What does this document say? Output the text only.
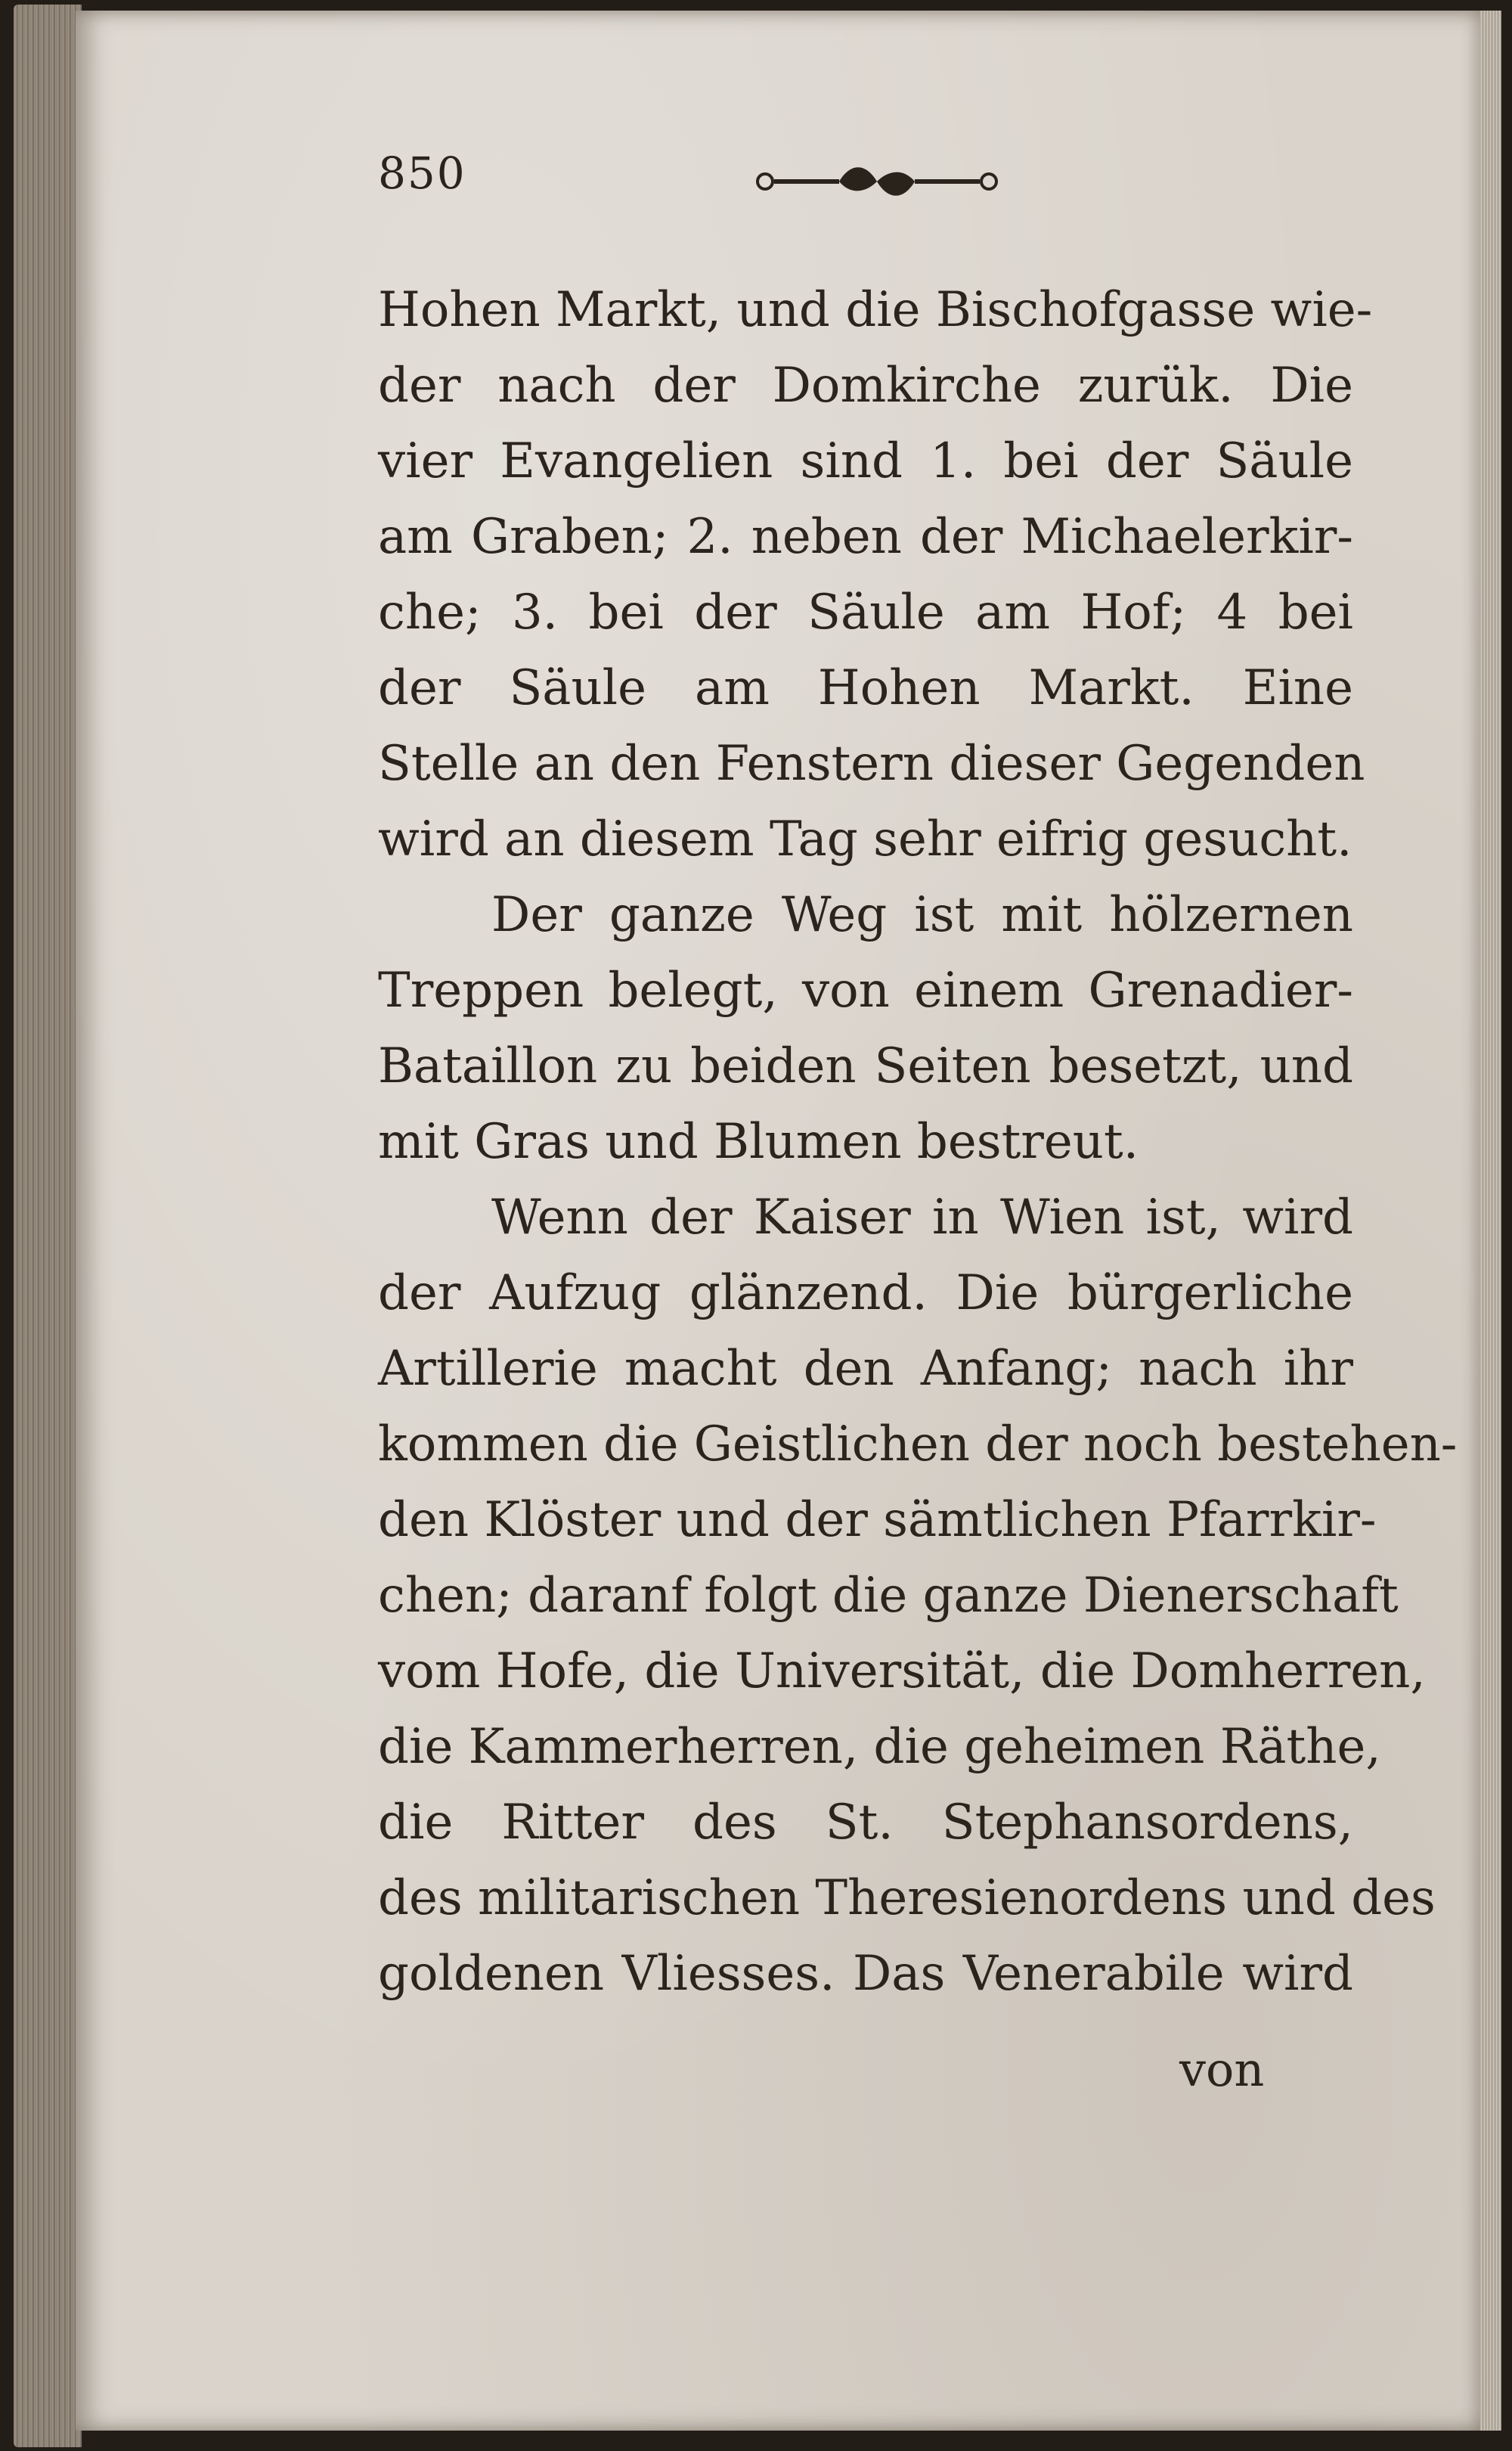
850
Hohen Markt, und die Bischofgasse wie-
der nach der Domkirche zurük. Die
vier Evangelien sind 1. bei der Säule
am Graben; 2. neben der Michaelerkir-
che; 3. bei der Säule am Hof; 4 bei
der Säule am Hohen Markt. Eine
Stelle an den Fenstern dieser Gegenden
wird an diesem Tag sehr eifrig gesucht.
Der ganze Weg ist mit hölzernen
Treppen belegt, von einem Grenadier-
Bataillon zu beiden Seiten besetzt, und
mit Gras und Blumen bestreut.
Wenn der Kaiser in Wien ist, wird
der Aufzug glänzend. Die bürgerliche
Artillerie macht den Anfang; nach ihr
kommen die Geistlichen der noch bestehen-
den Klöster und der sämtlichen Pfarrkir-
chen; daranf folgt die ganze Dienerschaft
vom Hofe, die Universität, die Domherren,
die Kammerherren, die geheimen Räthe,
die Ritter des St. Stephansordens,
des militarischen Theresienordens und des
goldenen Vliesses. Das Venerabile wird
von
